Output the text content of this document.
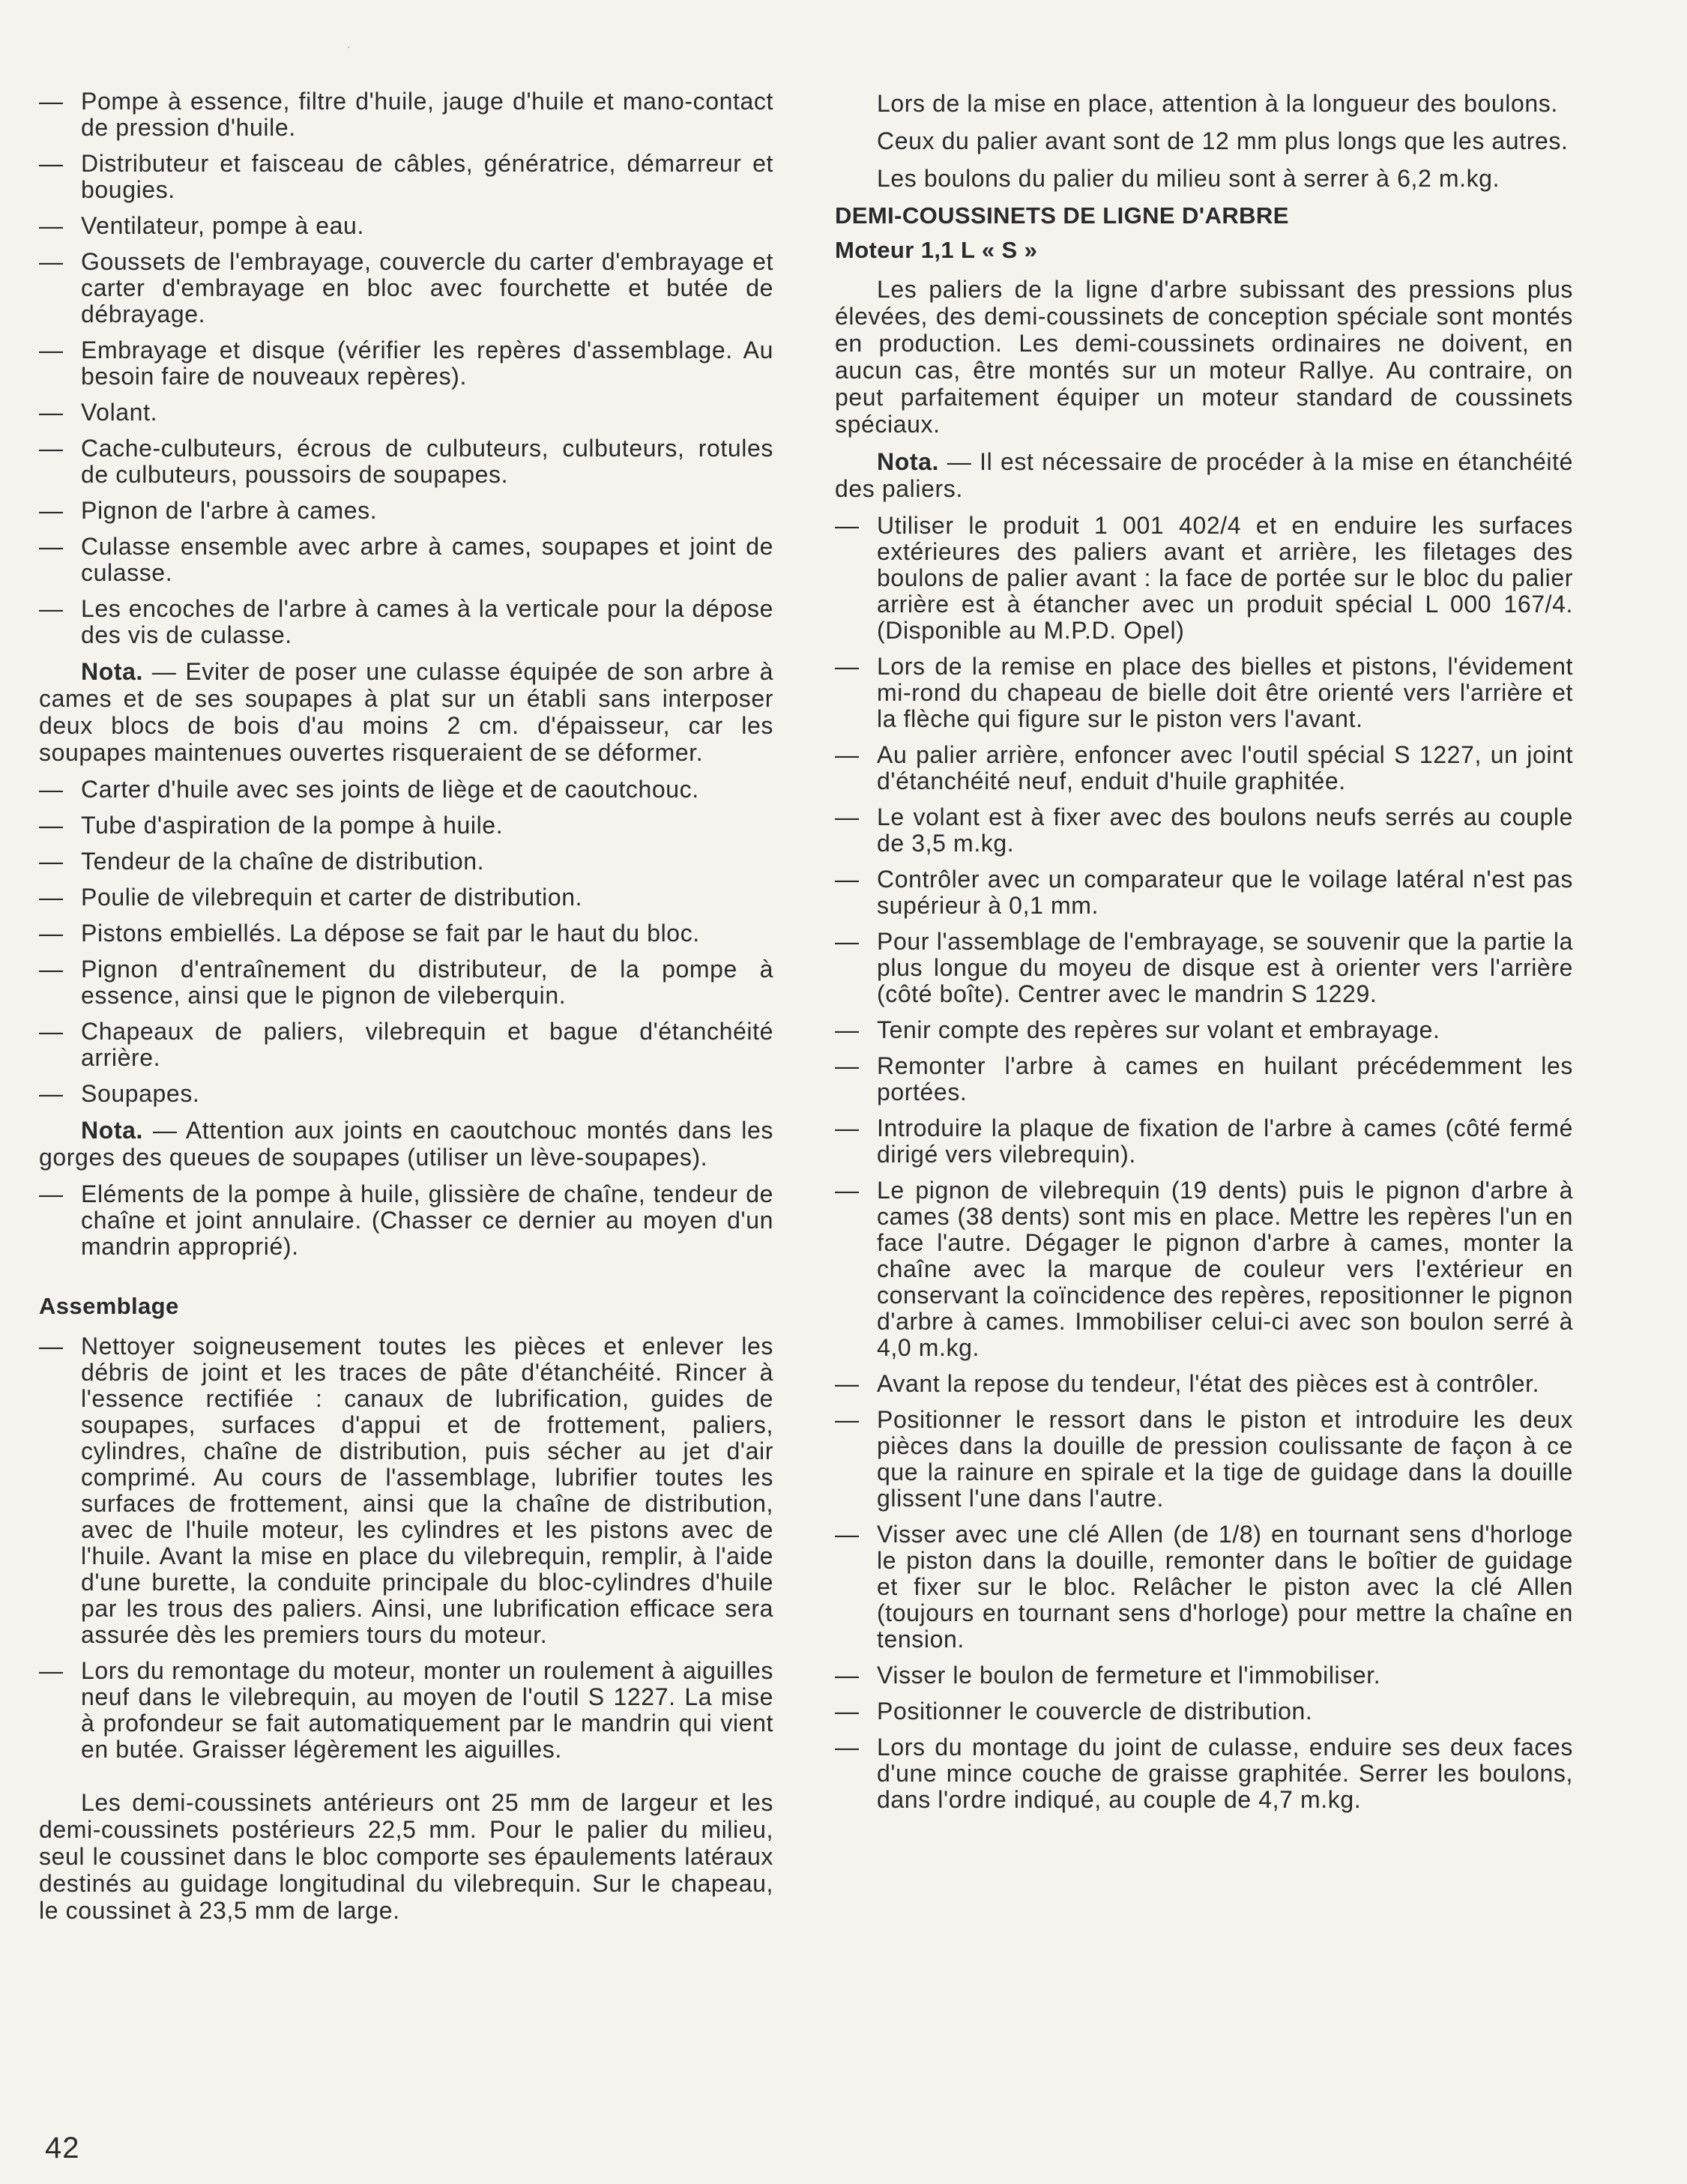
·
— Pompe à essence, filtre d'huile, jauge d'huile et mano-contact de pression d'huile.
— Distributeur et faisceau de câbles, génératrice, démarreur et bougies.
— Ventilateur, pompe à eau.
— Goussets de l'embrayage, couvercle du carter d'embrayage et carter d'embrayage en bloc avec fourchette et butée de débrayage.
— Embrayage et disque (vérifier les repères d'assemblage. Au besoin faire de nouveaux repères).
— Volant.
— Cache-culbuteurs, écrous de culbuteurs, culbuteurs, rotules de culbuteurs, poussoirs de soupapes.
— Pignon de l'arbre à cames.
— Culasse ensemble avec arbre à cames, soupapes et joint de culasse.
— Les encoches de l'arbre à cames à la verticale pour la dépose des vis de culasse.

Nota. — Eviter de poser une culasse équipée de son arbre à cames et de ses soupapes à plat sur un établi sans interposer deux blocs de bois d'au moins 2 cm. d'épaisseur, car les soupapes maintenues ouvertes risqueraient de se déformer.

— Carter d'huile avec ses joints de liège et de caoutchouc.
— Tube d'aspiration de la pompe à huile.
— Tendeur de la chaîne de distribution.
— Poulie de vilebrequin et carter de distribution.
— Pistons embiellés. La dépose se fait par le haut du bloc.
— Pignon d'entraînement du distributeur, de la pompe à essence, ainsi que le pignon de vileberquin.
— Chapeaux de paliers, vilebrequin et bague d'étanchéité arrière.
— Soupapes.

Nota. — Attention aux joints en caoutchouc montés dans les gorges des queues de soupapes (utiliser un lève-soupapes).

— Eléments de la pompe à huile, glissière de chaîne, tendeur de chaîne et joint annulaire. (Chasser ce dernier au moyen d'un mandrin approprié).
Assemblage
— Nettoyer soigneusement toutes les pièces et enlever les débris de joint et les traces de pâte d'étanchéité. Rincer à l'essence rectifiée : canaux de lubrification, guides de soupapes, surfaces d'appui et de frottement, paliers, cylindres, chaîne de distribution, puis sécher au jet d'air comprimé. Au cours de l'assemblage, lubrifier toutes les surfaces de frottement, ainsi que la chaîne de distribution, avec de l'huile moteur, les cylindres et les pistons avec de l'huile. Avant la mise en place du vilebrequin, remplir, à l'aide d'une burette, la conduite principale du bloc-cylindres d'huile par les trous des paliers. Ainsi, une lubrification efficace sera assurée dès les premiers tours du moteur.
— Lors du remontage du moteur, monter un roulement à aiguilles neuf dans le vilebrequin, au moyen de l'outil S 1227. La mise à profondeur se fait automatiquement par le mandrin qui vient en butée. Graisser légèrement les aiguilles.

Les demi-coussinets antérieurs ont 25 mm de largeur et les demi-coussinets postérieurs 22,5 mm. Pour le palier du milieu, seul le coussinet dans le bloc comporte ses épaulements latéraux destinés au guidage longitudinal du vilebrequin. Sur le chapeau, le coussinet à 23,5 mm de large.

Lors de la mise en place, attention à la longueur des boulons.

Ceux du palier avant sont de 12 mm plus longs que les autres.

Les boulons du palier du milieu sont à serrer à 6,2 m.kg.

DEMI-COUSSINETS DE LIGNE D'ARBRE
Moteur 1,1 L « S »

Les paliers de la ligne d'arbre subissant des pressions plus élevées, des demi-coussinets de conception spéciale sont montés en production. Les demi-coussinets ordinaires ne doivent, en aucun cas, être montés sur un moteur Rallye. Au contraire, on peut parfaitement équiper un moteur standard de coussinets spéciaux.

Nota. — Il est nécessaire de procéder à la mise en étanchéité des paliers.

— Utiliser le produit 1 001 402/4 et en enduire les surfaces extérieures des paliers avant et arrière, les filetages des boulons de palier avant : la face de portée sur le bloc du palier arrière est à étancher avec un produit spécial L 000 167/4. (Disponible au M.P.D. Opel)
— Lors de la remise en place des bielles et pistons, l'évidement mi-rond du chapeau de bielle doit être orienté vers l'arrière et la flèche qui figure sur le piston vers l'avant.
— Au palier arrière, enfoncer avec l'outil spécial S 1227, un joint d'étanchéité neuf, enduit d'huile graphitée.
— Le volant est à fixer avec des boulons neufs serrés au couple de 3,5 m.kg.
— Contrôler avec un comparateur que le voilage latéral n'est pas supérieur à 0,1 mm.
— Pour l'assemblage de l'embrayage, se souvenir que la partie la plus longue du moyeu de disque est à orienter vers l'arrière (côté boîte). Centrer avec le mandrin S 1229.
— Tenir compte des repères sur volant et embrayage.
— Remonter l'arbre à cames en huilant précédemment les portées.
— Introduire la plaque de fixation de l'arbre à cames (côté fermé dirigé vers vilebrequin).
— Le pignon de vilebrequin (19 dents) puis le pignon d'arbre à cames (38 dents) sont mis en place. Mettre les repères l'un en face l'autre. Dégager le pignon d'arbre à cames, monter la chaîne avec la marque de couleur vers l'extérieur en conservant la coïncidence des repères, repositionner le pignon d'arbre à cames. Immobiliser celui-ci avec son boulon serré à 4,0 m.kg.
— Avant la repose du tendeur, l'état des pièces est à contrôler.
— Positionner le ressort dans le piston et introduire les deux pièces dans la douille de pression coulissante de façon à ce que la rainure en spirale et la tige de guidage dans la douille glissent l'une dans l'autre.
— Visser avec une clé Allen (de 1/8) en tournant sens d'horloge le piston dans la douille, remonter dans le boîtier de guidage et fixer sur le bloc. Relâcher le piston avec la clé Allen (toujours en tournant sens d'horloge) pour mettre la chaîne en tension.
— Visser le boulon de fermeture et l'immobiliser.
— Positionner le couvercle de distribution.
— Lors du montage du joint de culasse, enduire ses deux faces d'une mince couche de graisse graphitée. Serrer les boulons, dans l'ordre indiqué, au couple de 4,7 m.kg.
42
